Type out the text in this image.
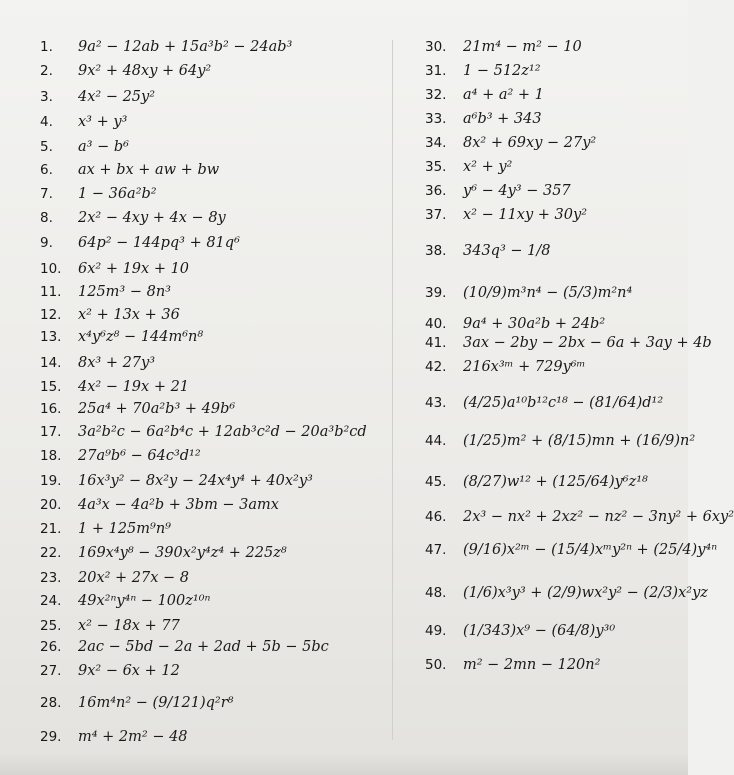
1. 9a² − 12ab + 15a³b² − 24ab³
2. 9x² + 48xy + 64y²
3. 4x² − 25y²
4. x³ + y³
5. a³ − b⁶
6. ax + bx + aw + bw
7. 1 − 36a²b²
8. 2x² − 4xy + 4x − 8y
9. 64p² − 144pq³ + 81q⁶
10. 6x² + 19x + 10
11. 125m³ − 8n³
12. x² + 13x + 36
13. x⁴y⁶z⁸ − 144m⁶n⁸
14. 8x³ + 27y³
15. 4x² − 19x + 21
16. 25a⁴ + 70a²b³ + 49b⁶
17. 3a²b²c − 6a²b⁴c + 12ab³c²d − 20a³b²cd
18. 27a⁹b⁶ − 64c³d¹²
19. 16x³y² − 8x²y − 24x⁴y⁴ + 40x²y³
20. 4a³x − 4a²b + 3bm − 3amx
21. 1 + 125m⁹n⁹
22. 169x⁴y⁸ − 390x²y⁴z⁴ + 225z⁸
23. 20x² + 27x − 8
24. 49x²ⁿy⁴ⁿ − 100z¹⁰ⁿ
25. x² − 18x + 77
26. 2ac − 5bd − 2a + 2ad + 5b − 5bc
27. 9x² − 6x + 12
28. 16m⁴n² − (9/121)q²r⁸
29. m⁴ + 2m² − 48
30. 21m⁴ − m² − 10
31. 1 − 512z¹²
32. a⁴ + a² + 1
33. a⁶b³ + 343
34. 8x² + 69xy − 27y²
35. x² + y²
36. y⁶ − 4y³ − 357
37. x² − 11xy + 30y²
38. 343q³ − 1/8
39. (10/9)m³n⁴ − (5/3)m²n⁴
40. 9a⁴ + 30a²b + 24b²
41. 3ax − 2by − 2bx − 6a + 3ay + 4b
42. 216x³ᵐ + 729y⁶ᵐ
43. (4/25)a¹⁰b¹²c¹⁸ − (81/64)d¹²
44. (1/25)m² + (8/15)mn + (16/9)n²
45. (8/27)w¹² + (125/64)y⁶z¹⁸
46. 2x³ − nx² + 2xz² − nz² − 3ny² + 6xy²
47. (9/16)x²ᵐ − (15/4)xᵐy²ⁿ + (25/4)y⁴ⁿ
48. (1/6)x³y³ + (2/9)wx²y² − (2/3)x²yz
49. (1/343)x⁹ − (64/8)y³⁰
50. m² − 2mn − 120n²
